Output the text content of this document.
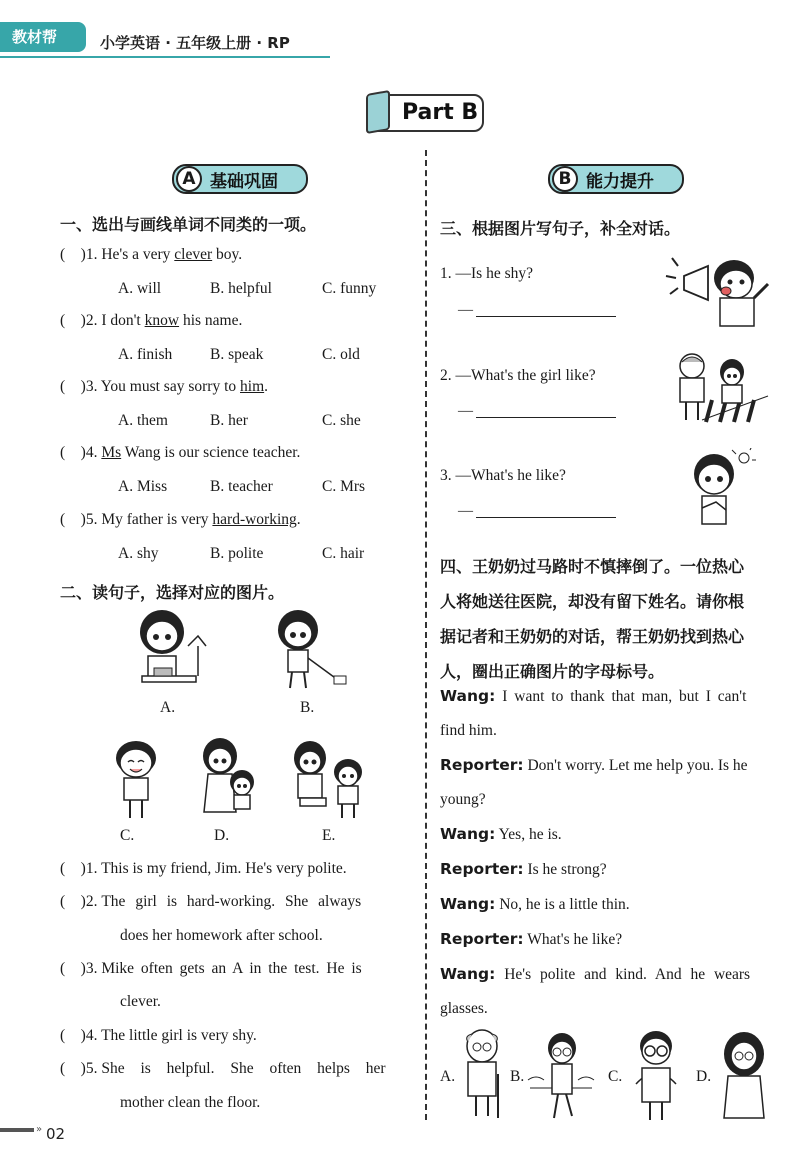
教材帮	小学英语 · 五年级上册 · RP
Part B
A 基础巩固	B 能力提升
一、选出与画线单词不同类的一项。
(    )1. He's a very clever boy.
A. will	B. helpful	C. funny
(    )2. I don't know his name.
A. finish B. speak	C. old
(    )3. You must say sorry to him.
A. them	B. her	C. she
(    )4. Ms Wang is our science teacher.
A. Miss	B. teacher	C. Mrs
(    )5. My father is very hard-working.
A. shy	B. polite	C. hair
二、读句子，选择对应的图片。
A.	B.
C.	D.	E.
(    )1. This is my friend, Jim. He's very polite.
(    )2. The girl is hard-working. She always
does her homework after school.
(    )3. Mike often gets an A in the test. He is
clever.
(    )4. The little girl is very shy.
(    )5. She is helpful. She often helps her
mother clean the floor.
三、根据图片写句子，补全对话。
1. —Is he shy?
—
2. —What's the girl like?
—
3. —What's he like?
—
四、王奶奶过马路时不慎摔倒了。一位热心
人将她送往医院，却没有留下姓名。请你根
据记者和王奶奶的对话，帮王奶奶找到热心
人，圈出正确图片的字母标号。
Wang: I want to thank that man, but I can't
find him.
Reporter: Don't worry. Let me help you. Is he
young?
Wang: Yes, he is.
Reporter: Is he strong?
Wang: No, he is a little thin.
Reporter: What's he like?
Wang: He's polite and kind. And he wears
glasses.
A.	B.	C.	D.
» 02
